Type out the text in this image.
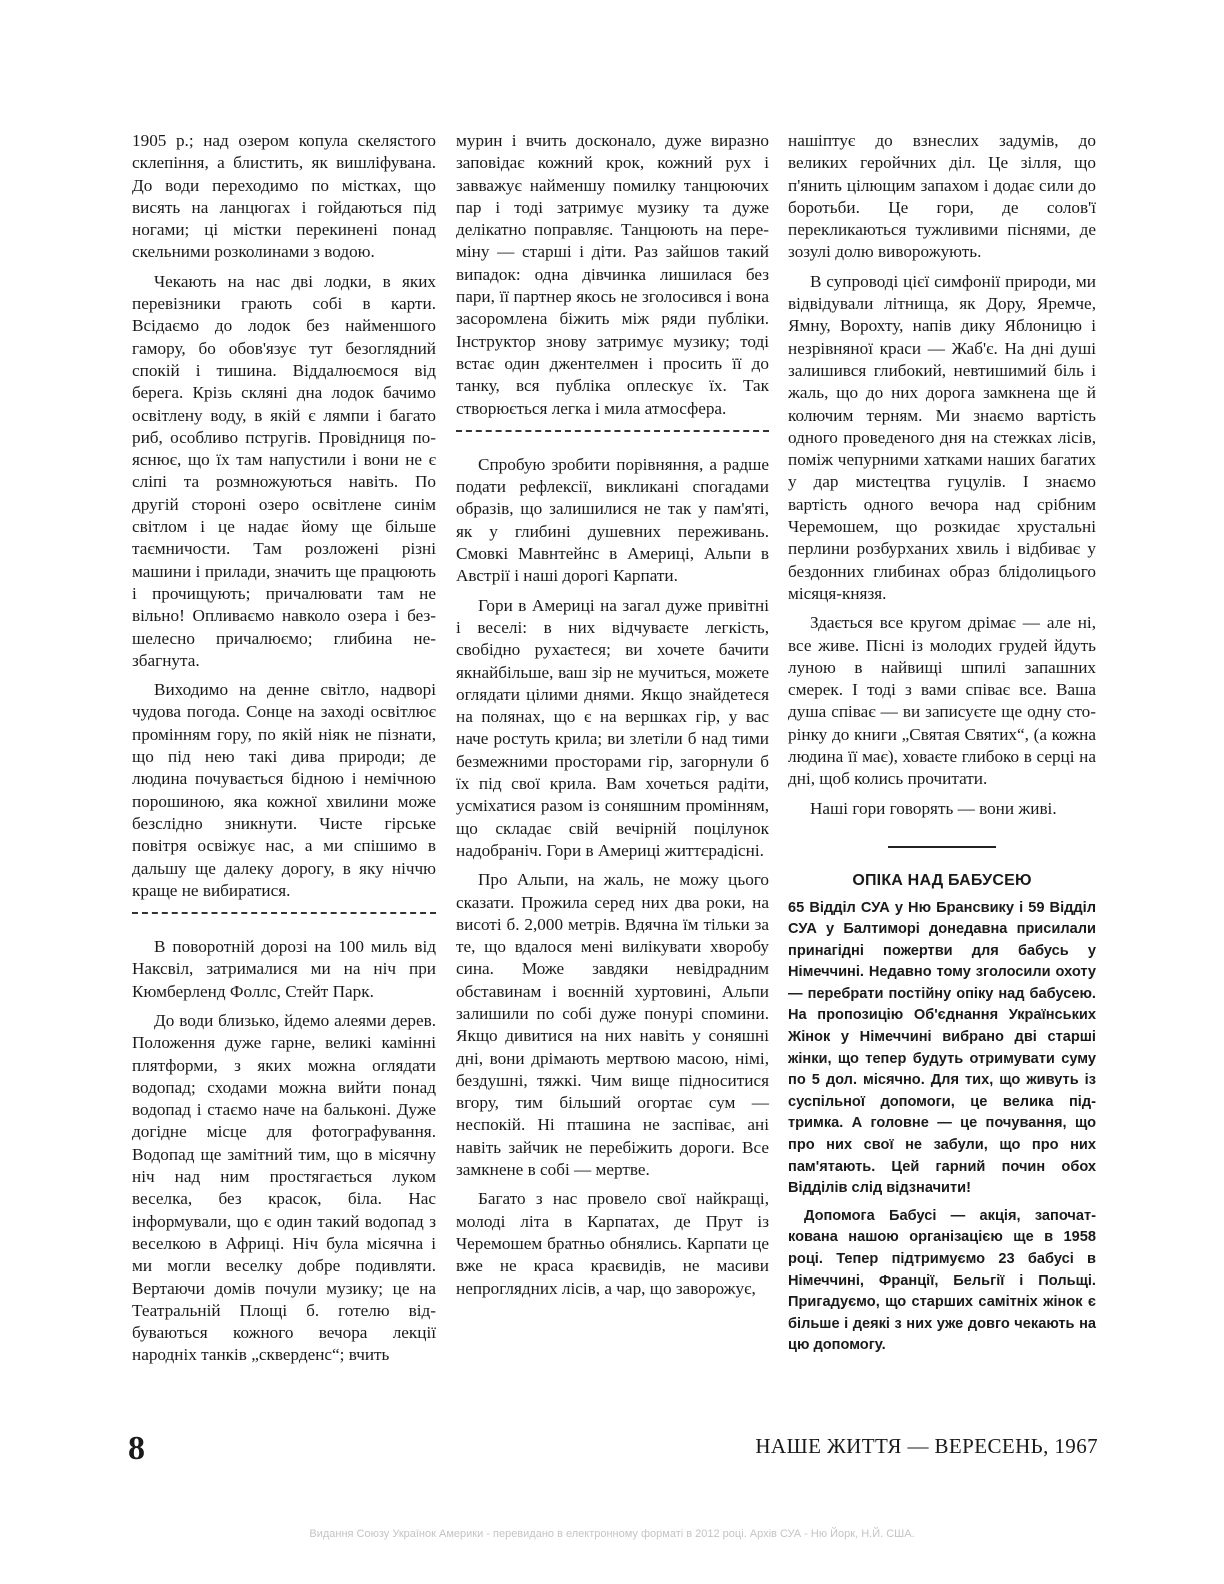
1905 р.; над озером копула скелястого склепіння, а блистить, як вишліфувана. До води переходимо по містках, що висять на ланцюгах і гойдаються під ногами; ці містки перекинені понад скельними розколинами з водою.

Чекають на нас дві лодки, в яких перевізники грають собі в карти. Всідаємо до лодок без найменшого гамору, бо обов'язує тут безоглядний спокій і тишина. Віддалюємося від берега. Крізь скляні дна лодок бачимо освітлену воду, в якій є лямпи і багато риб, особливо пстругів. Провідниця пояснює, що їх там напустили і вони не є сліпі та розмножуються навіть. По другій стороні озеро освітлене синім світлом і це надає йому ще більше таємничости. Там розложені різні машини і прилади, значить ще працюють і прочищують; причалювати там не вільно! Опливаємо навколо озера і безшелесно причалюємо; глибина незбагнута.

Виходимо на денне світло, надворі чудова погода. Сонце на заході освітлює промінням гору, по якій ніяк не пізнати, що під нею такі дива природи; де людина почувається бідною і немічною порошиною, яка кожної хвилини може безслідно зникнути. Чисте гірське повітря освіжує нас, а ми спішимо в дальшу ще далеку дорогу, в яку ніччю краще не вибиратися.

В поворотній дорозі на 100 миль від Наксвіл, затрималися ми на ніч при Кюмберленд Фоллс, Стейт Парк.

До води близько, йдемо алеями дерев. Положення дуже гарне, великі камінні плятформи, з яких можна оглядати водопад; сходами можна вийти понад водопад і стаємо наче на бальконі. Дуже догідне місце для фотографування. Водопад ще замітний тим, що в місячну ніч над ним простягається луком веселка, без красок, біла. Нас інформували, що є один такий водопад з веселкою в Африці. Ніч була місячна і ми могли веселку добре подивляти. Вертаючи домів почули музику; це на Театральній Площі б. готелю відбуваються кожного вечора лекції народніх танків „скверденс“; вчить

мурин і вчить досконало, дуже виразно заповідає кожний крок, кожний рух і завважує найменшу помилку танцюючих пар і тоді затримує музику та дуже делікатно поправляє. Танцюють на переміну –– старші і діти. Раз зайшов такий випадок: одна дівчинка лишилася без пари, її партнер якось не зголосився і вона засоромлена біжить між ряди публіки. Інструктор знову затримує музику; тоді встає один джентелмен і просить її до танку, вся публіка оплескує їх. Так створюється легка і мила атмосфера.

Спробую зробити порівняння, а радше подати рефлексії, викликані спогадами образів, що залишилися не так у пам'яті, як у глибині душевних переживань. Смовкі Мавнтейнс в Америці, Альпи в Австрії і наші дорогі Карпати.

Гори в Америці на загал дуже привітні і веселі: в них відчуваєте легкість, свобідно рухаєтеся; ви хочете бачити якнайбільше, ваш зір не мучиться, можете оглядати цілими днями. Якщо знайдетеся на полянах, що є на вершках гір, у вас наче ростуть крила; ви злетіли б над тими безмежними просторами гір, загорнули б їх під свої крила. Вам хочеться радіти, усміхатися разом із соняшним промінням, що складає свій вечірній поцілунок надобраніч. Гори в Америці життєрадісні.

Про Альпи, на жаль, не можу цього сказати. Прожила серед них два роки, на висоті б. 2,000 метрів. Вдячна їм тільки за те, що вдалося мені вилікувати хворобу сина. Може завдяки невідрадним обставинам і воєнній хуртовині, Альпи залишили по собі дуже понурі спомини. Якщо дивитися на них навіть у соняшні дні, вони дрімають мертвою масою, німі, бездушні, тяжкі. Чим вище підноситися вгору, тим більший огортає сум — неспокій. Ні пташина не заспіває, ані навіть зайчик не перебіжить дороги. Все замкнене в собі — мертве.

Багато з нас провело свої найкращі, молоді літа в Карпатах, де Прут із Черемошем братньо обнялись. Карпати це вже не краса краєвидів, не масиви непроглядних лісів, а чар, що заворожує,

нашіптує до взнеслих задумів, до великих геройчних діл. Це зілля, що п'янить цілющим запахом і додає сили до боротьби. Це гори, де солов'ї перекликаються тужливими піснями, де зозулі долю виворожують.

В супроводі цієї симфонії природи, ми відвідували літнища, як Дору, Яремче, Ямну, Ворохту, напів дику Яблоницю і незрівняної краси — Жаб'є. На дні душі залишився глибокий, невтишимий біль і жаль, що до них дорога замкнена ще й колючим терням. Ми знаємо вартість одного проведеного дня на стежках лісів, поміж чепурними хатками наших багатих у дар мистецтва гуцулів. І знаємо вартість одного вечора над срібним Черемошем, що розкидає хрустальні перлини розбурханих хвиль і відбиває у бездонних глибинах образ блідолицього місяця-князя.

Здається все кругом дрімає — але ні, все живе. Пісні із молодих грудей йдуть луною в найвищі шпилі запашних смерек. І тоді з вами співає все. Ваша душа співає — ви записуєте ще одну сторінку до книги „Святая Святих“, (а кожна людина її має), ховаєте глибоко в серці на дні, щоб колись прочитати.

Наші гори говорять — вони живі.

ОПІКА НАД БАБУСЕЮ

65 Відділ СУА у Ню Брансвику і 59 Відділ СУА у Балтиморі донедавна присилали принагідні пожертви для бабусь у Німеччині. Недавно тому зголосили охоту — перебрати постійну опіку над бабусею. На пропозицію Об'єднання Українських Жінок у Німеччині вибрано дві старші жінки, що тепер будуть отримувати суму по 5 дол. місячно. Для тих, що живуть із суспільної допомоги, це велика підтримка. А головне — це почування, що про них свої не забули, що про них пам'ятають. Цей гарний почин обох Відділів слід відзначити!

Допомога Бабусі — акція, започаткована нашою організацією ще в 1958 році. Тепер підтримуємо 23 бабусі в Німеччині, Франції, Бельгії і Польщі. Пригадуємо, що старших самітніх жінок є більше і деякі з них уже довго чекають на цю допомогу.

8	НАШЕ ЖИТТЯ — ВЕРЕСЕНЬ, 1967
Видання Союзу Українок Америки - перевидано в електронному форматі в 2012 році. Архів СУА - Ню Йорк, Н.Й. США.
